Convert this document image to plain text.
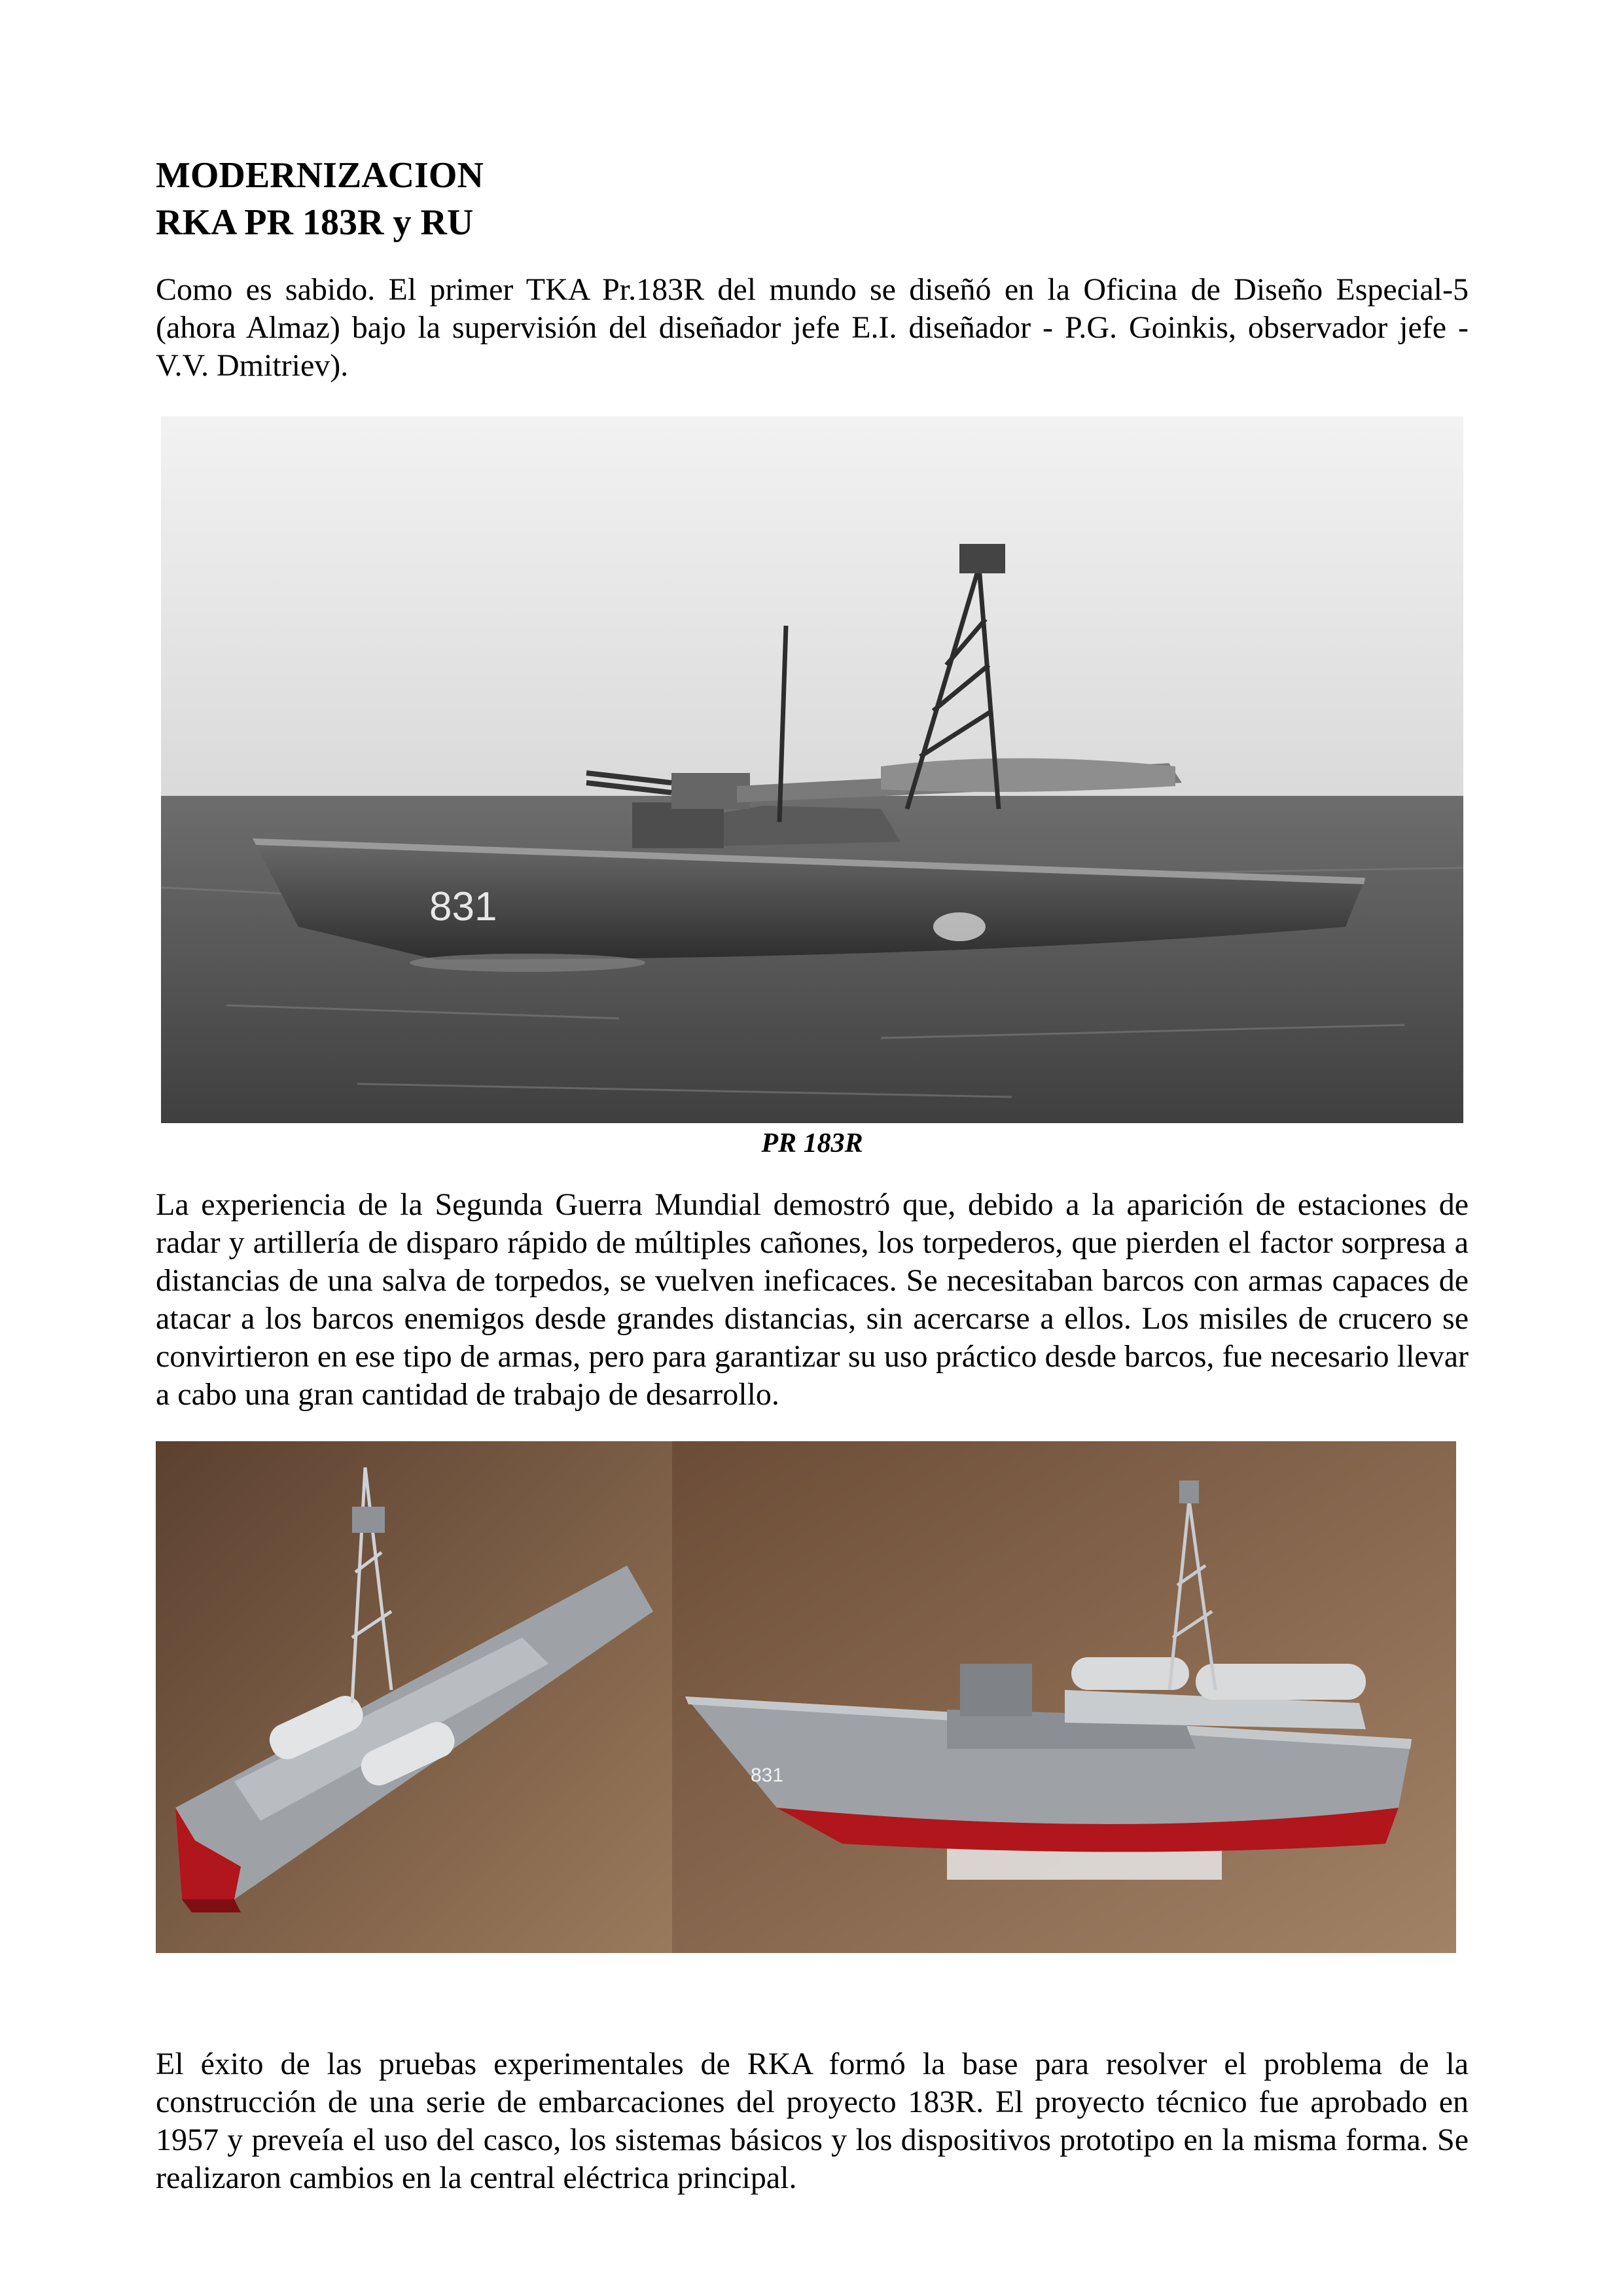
MODERNIZACION
RKA PR 183R y RU

Como es sabido. El primer TKA Pr.183R del mundo se diseñó en la Oficina de Diseño Especial-5 (ahora Almaz) bajo la supervisión del diseñador jefe E.I. diseñador - P.G. Goinkis, observador jefe - V.V. Dmitriev).

La experiencia de la Segunda Guerra Mundial demostró que, debido a la aparición de estaciones de radar y artillería de disparo rápido de múltiples cañones, los torpederos, que pierden el factor sorpresa a distancias de una salva de torpedos, se vuelven ineficaces. Se necesitaban barcos con armas capaces de atacar a los barcos enemigos desde grandes distancias, sin acercarse a ellos. Los misiles de crucero se convirtieron en ese tipo de armas, pero para garantizar su uso práctico desde barcos, fue necesario llevar a cabo una gran cantidad de trabajo de desarrollo.

El éxito de las pruebas experimentales de RKA formó la base para resolver el problema de la construcción de una serie de embarcaciones del proyecto 183R. El proyecto técnico fue aprobado en 1957 y preveía el uso del casco, los sistemas básicos y los dispositivos prototipo en la misma forma. Se realizaron cambios en la central eléctrica principal.

831
PR 183R
831
